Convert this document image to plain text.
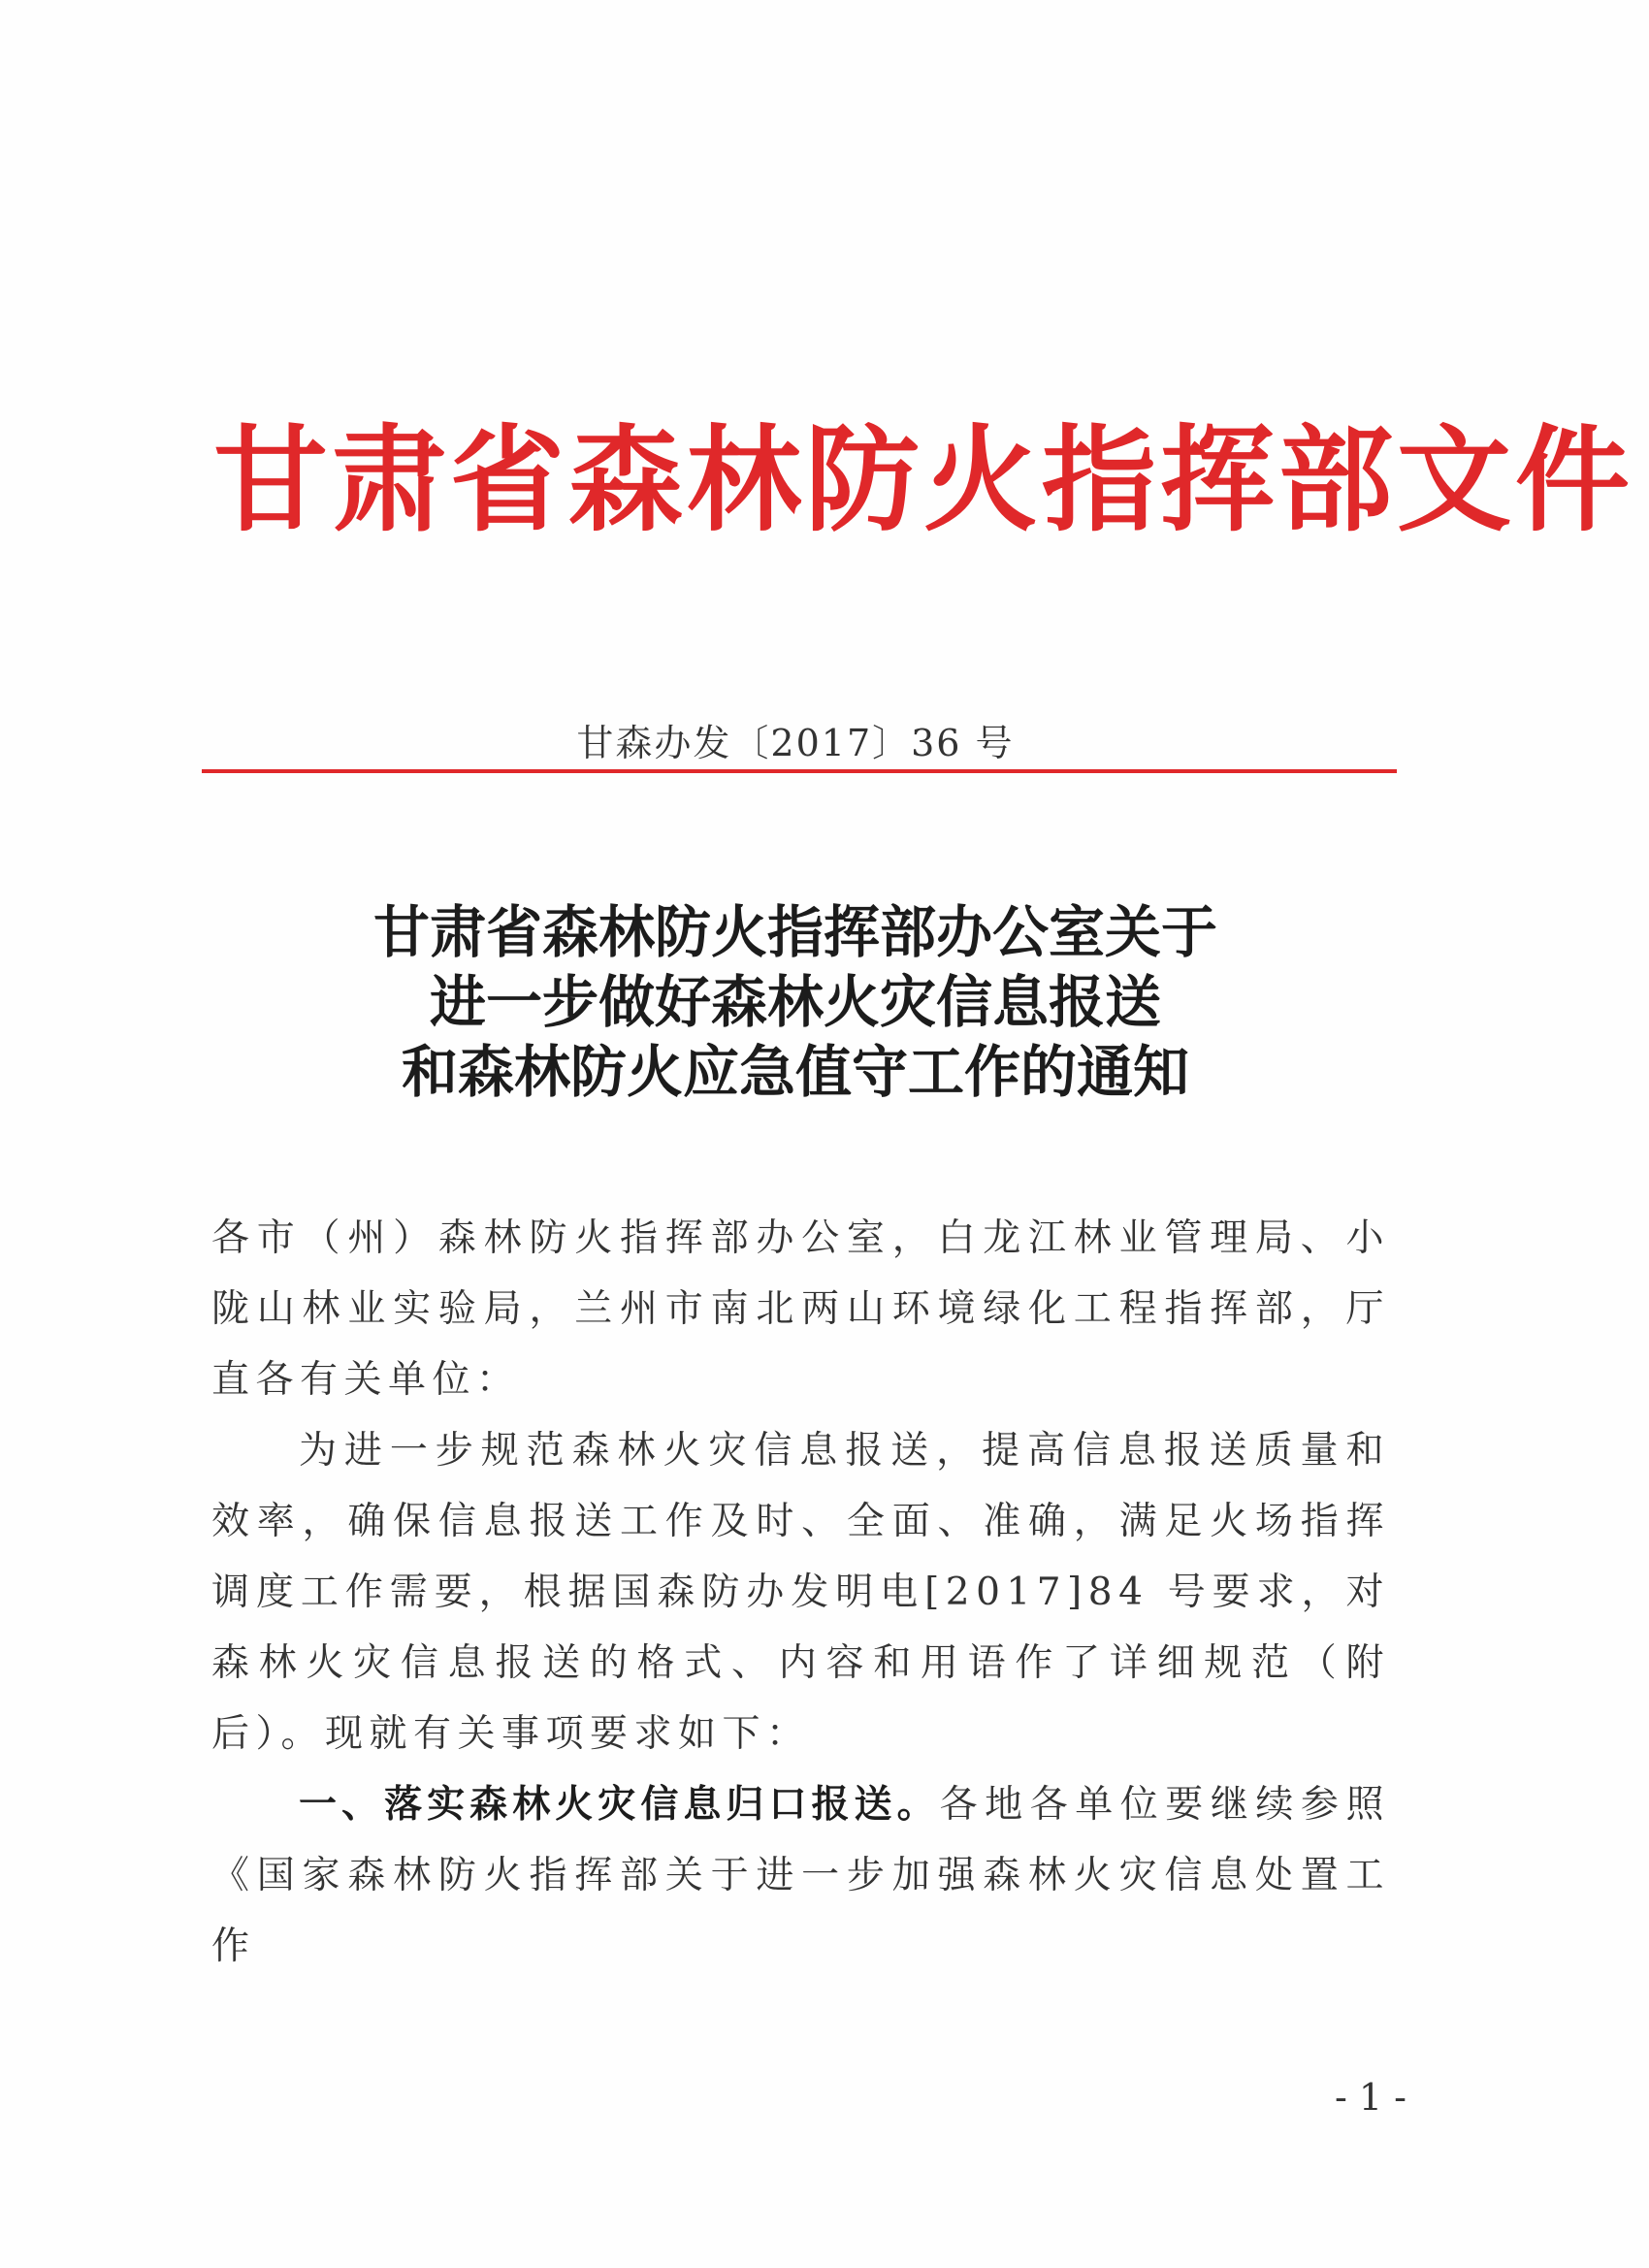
甘肃省森林防火指挥部文件
甘森办发〔2017〕36 号
甘肃省森林防火指挥部办公室关于
进一步做好森林火灾信息报送
和森林防火应急值守工作的通知

各市（州）森林防火指挥部办公室，白龙江林业管理局、小陇山林业实验局，兰州市南北两山环境绿化工程指挥部，厅直各有关单位：

为进一步规范森林火灾信息报送，提高信息报送质量和效率，确保信息报送工作及时、全面、准确，满足火场指挥调度工作需要，根据国森防办发明电[2017]84 号要求，对森林火灾信息报送的格式、内容和用语作了详细规范（附后）。现就有关事项要求如下：

一、落实森林火灾信息归口报送。各地各单位要继续参照《国家森林防火指挥部关于进一步加强森林火灾信息处置工作

- 1 -
